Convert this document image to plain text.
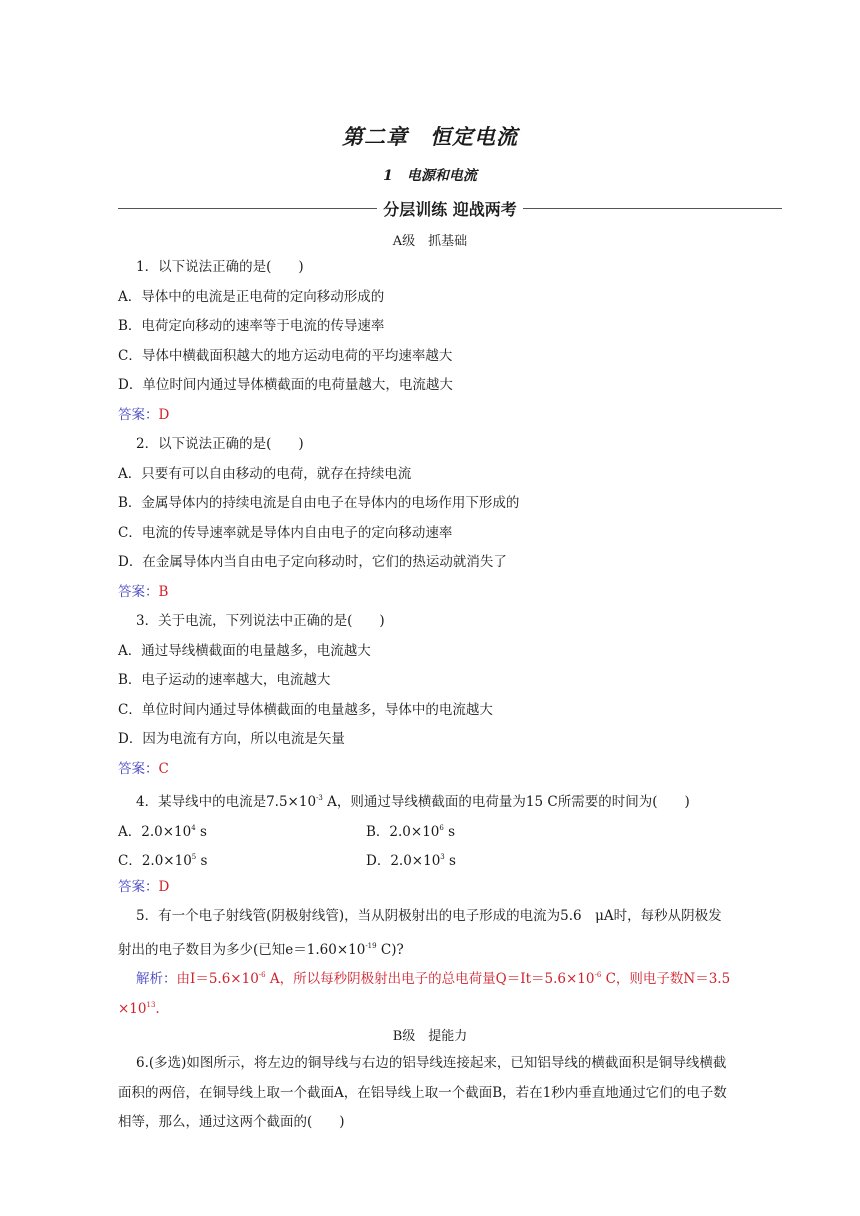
第二章　恒定电流
1　电源和电流
分层训练 迎战两考
A级　抓基础
1．以下说法正确的是(　　)
A．导体中的电流是正电荷的定向移动形成的
B．电荷定向移动的速率等于电流的传导速率
C．导体中横截面积越大的地方运动电荷的平均速率越大
D．单位时间内通过导体横截面的电荷量越大，电流越大
答案：D
2．以下说法正确的是(　　)
A．只要有可以自由移动的电荷，就存在持续电流
B．金属导体内的持续电流是自由电子在导体内的电场作用下形成的
C．电流的传导速率就是导体内自由电子的定向移动速率
D．在金属导体内当自由电子定向移动时，它们的热运动就消失了
答案：B
3．关于电流，下列说法中正确的是(　　)
A．通过导线横截面的电量越多，电流越大
B．电子运动的速率越大，电流越大
C．单位时间内通过导体横截面的电量越多，导体中的电流越大
D．因为电流有方向，所以电流是矢量
答案：C
4．某导线中的电流是$7.5\times 10^{-3}$ A，则通过导线横截面的电荷量为15 C所需要的时间为(　　)
A．$2.0\times 10^4$ s	B．$2.0\times 10^6$ s
C．$2.0\times 10^5$ s	D．$2.0\times 10^3$ s
答案：D
5．有一个电子射线管(阴极射线管)，当从阴极射出的电子形成的电流为5.6　μA时，每秒从阴极发
射出的电子数目为多少(已知$e=1.60\times 10^{-19}$ C)?
解析：由$I=5.6\times 10^{-6}$ A，所以每秒阴极射出电子的总电荷量$Q=It=5.6\times 10^{-6}$ C，则电子数N＝3.5
$\times 10^{13}$.
B级　提能力
6.(多选)如图所示，将左边的铜导线与右边的铝导线连接起来，已知铝导线的横截面积是铜导线横截
面积的两倍，在铜导线上取一个截面A，在铝导线上取一个截面B，若在1秒内垂直地通过它们的电子数
相等，那么，通过这两个截面的(　　)
